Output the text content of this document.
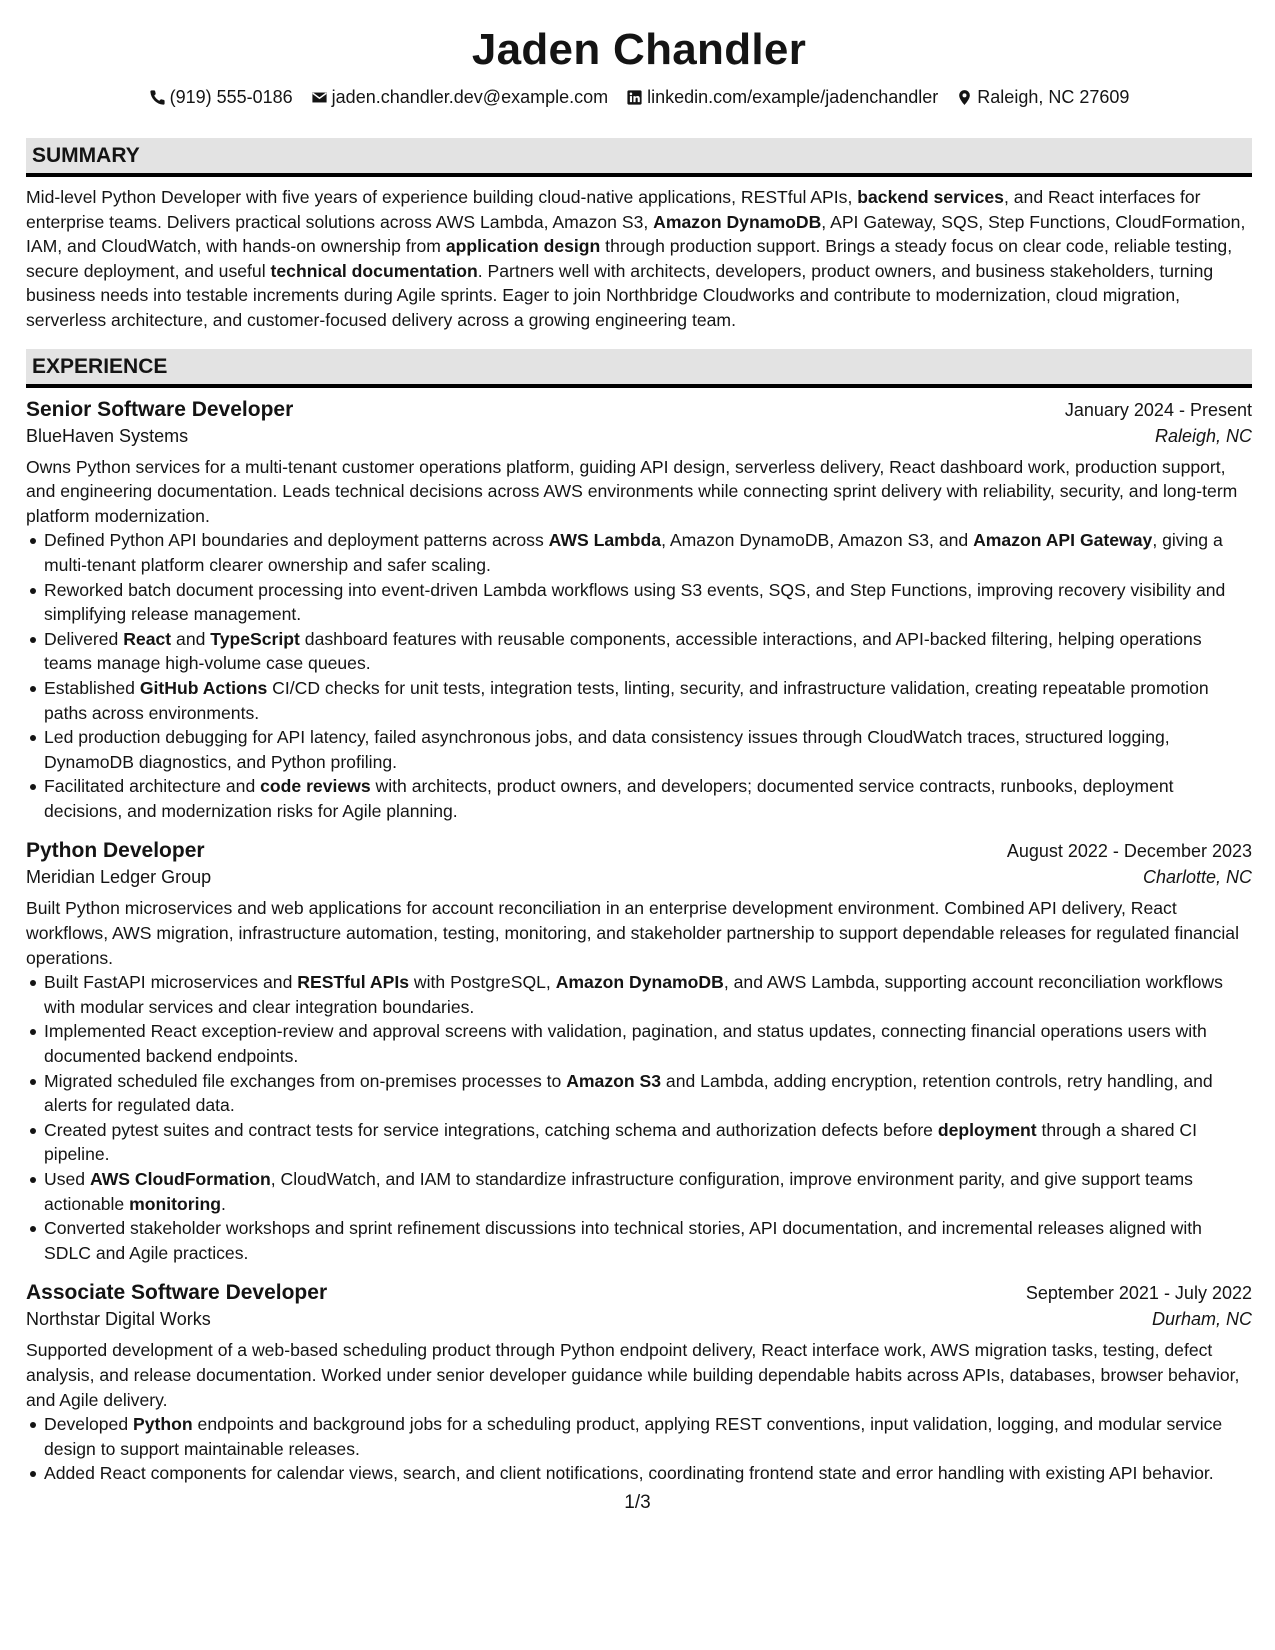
Jaden Chandler
(919) 555-0186 jaden.chandler.dev@example.com linkedin.com/example/jadenchandler Raleigh, NC 27609
SUMMARY

Mid-level Python Developer with five years of experience building cloud-native applications, RESTful APIs, backend services, and React interfaces for enterprise teams. Delivers practical solutions across AWS Lambda, Amazon S3, Amazon DynamoDB, API Gateway, SQS, Step Functions, CloudFormation, IAM, and CloudWatch, with hands-on ownership from application design through production support. Brings a steady focus on clear code, reliable testing, secure deployment, and useful technical documentation. Partners well with architects, developers, product owners, and business stakeholders, turning business needs into testable increments during Agile sprints. Eager to join Northbridge Cloudworks and contribute to modernization, cloud migration, serverless architecture, and customer-focused delivery across a growing engineering team.

EXPERIENCE
Senior Software Developer	January 2024 - Present
BlueHaven Systems	Raleigh, NC

Owns Python services for a multi-tenant customer operations platform, guiding API design, serverless delivery, React dashboard work, production support, and engineering documentation. Leads technical decisions across AWS environments while connecting sprint delivery with reliability, security, and long-term platform modernization.

Defined Python API boundaries and deployment patterns across AWS Lambda, Amazon DynamoDB, Amazon S3, and Amazon API Gateway, giving a multi-tenant platform clearer ownership and safer scaling.
Reworked batch document processing into event-driven Lambda workflows using S3 events, SQS, and Step Functions, improving recovery visibility and simplifying release management.
Delivered React and TypeScript dashboard features with reusable components, accessible interactions, and API-backed filtering, helping operations teams manage high-volume case queues.
Established GitHub Actions CI/CD checks for unit tests, integration tests, linting, security, and infrastructure validation, creating repeatable promotion paths across environments.
Led production debugging for API latency, failed asynchronous jobs, and data consistency issues through CloudWatch traces, structured logging, DynamoDB diagnostics, and Python profiling.
Facilitated architecture and code reviews with architects, product owners, and developers; documented service contracts, runbooks, deployment decisions, and modernization risks for Agile planning.
Python Developer	August 2022 - December 2023
Meridian Ledger Group	Charlotte, NC

Built Python microservices and web applications for account reconciliation in an enterprise development environment. Combined API delivery, React workflows, AWS migration, infrastructure automation, testing, monitoring, and stakeholder partnership to support dependable releases for regulated financial operations.

Built FastAPI microservices and RESTful APIs with PostgreSQL, Amazon DynamoDB, and AWS Lambda, supporting account reconciliation workflows with modular services and clear integration boundaries.
Implemented React exception-review and approval screens with validation, pagination, and status updates, connecting financial operations users with documented backend endpoints.
Migrated scheduled file exchanges from on-premises processes to Amazon S3 and Lambda, adding encryption, retention controls, retry handling, and alerts for regulated data.
Created pytest suites and contract tests for service integrations, catching schema and authorization defects before deployment through a shared CI pipeline.
Used AWS CloudFormation, CloudWatch, and IAM to standardize infrastructure configuration, improve environment parity, and give support teams actionable monitoring.
Converted stakeholder workshops and sprint refinement discussions into technical stories, API documentation, and incremental releases aligned with SDLC and Agile practices.
Associate Software Developer	September 2021 - July 2022
Northstar Digital Works	Durham, NC

Supported development of a web-based scheduling product through Python endpoint delivery, React interface work, AWS migration tasks, testing, defect analysis, and release documentation. Worked under senior developer guidance while building dependable habits across APIs, databases, browser behavior, and Agile delivery.

Developed Python endpoints and background jobs for a scheduling product, applying REST conventions, input validation, logging, and modular service design to support maintainable releases.
Added React components for calendar views, search, and client notifications, coordinating frontend state and error handling with existing API behavior.
1/3
